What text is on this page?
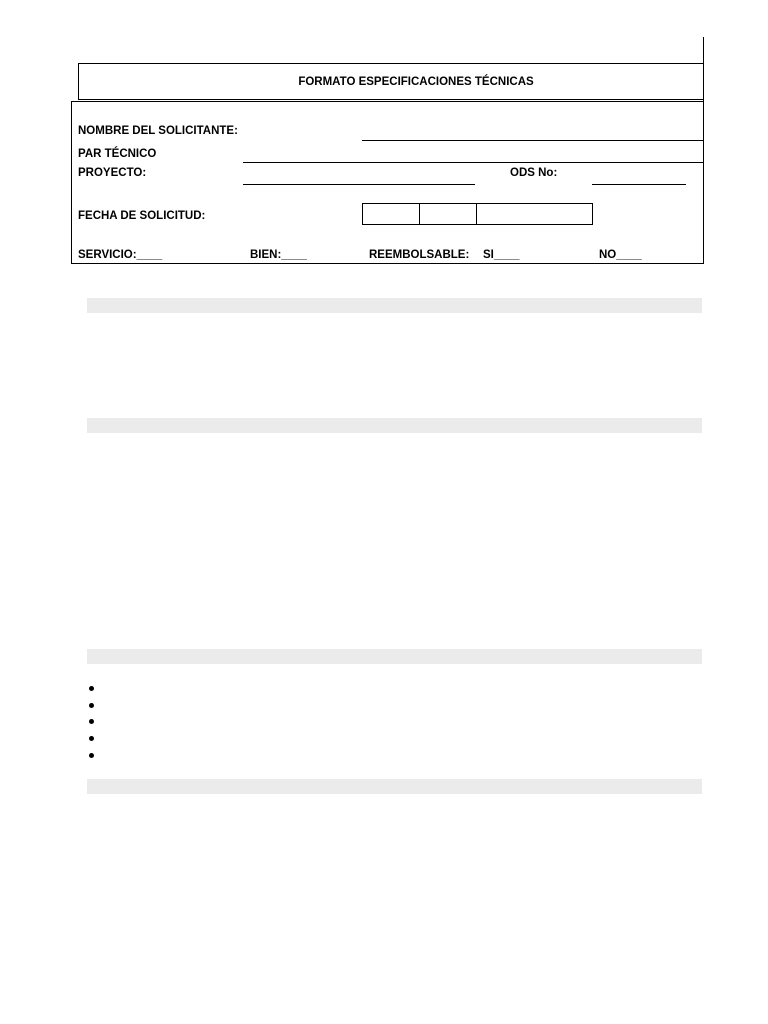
FORMATO ESPECIFICACIONES TÉCNICAS
NOMBRE DEL SOLICITANTE:
PAR TÉCNICO
PROYECTO:	ODS No:
FECHA DE SOLICITUD:
SERVICIO:____	BIEN:____	REEMBOLSABLE: SI____	NO____
